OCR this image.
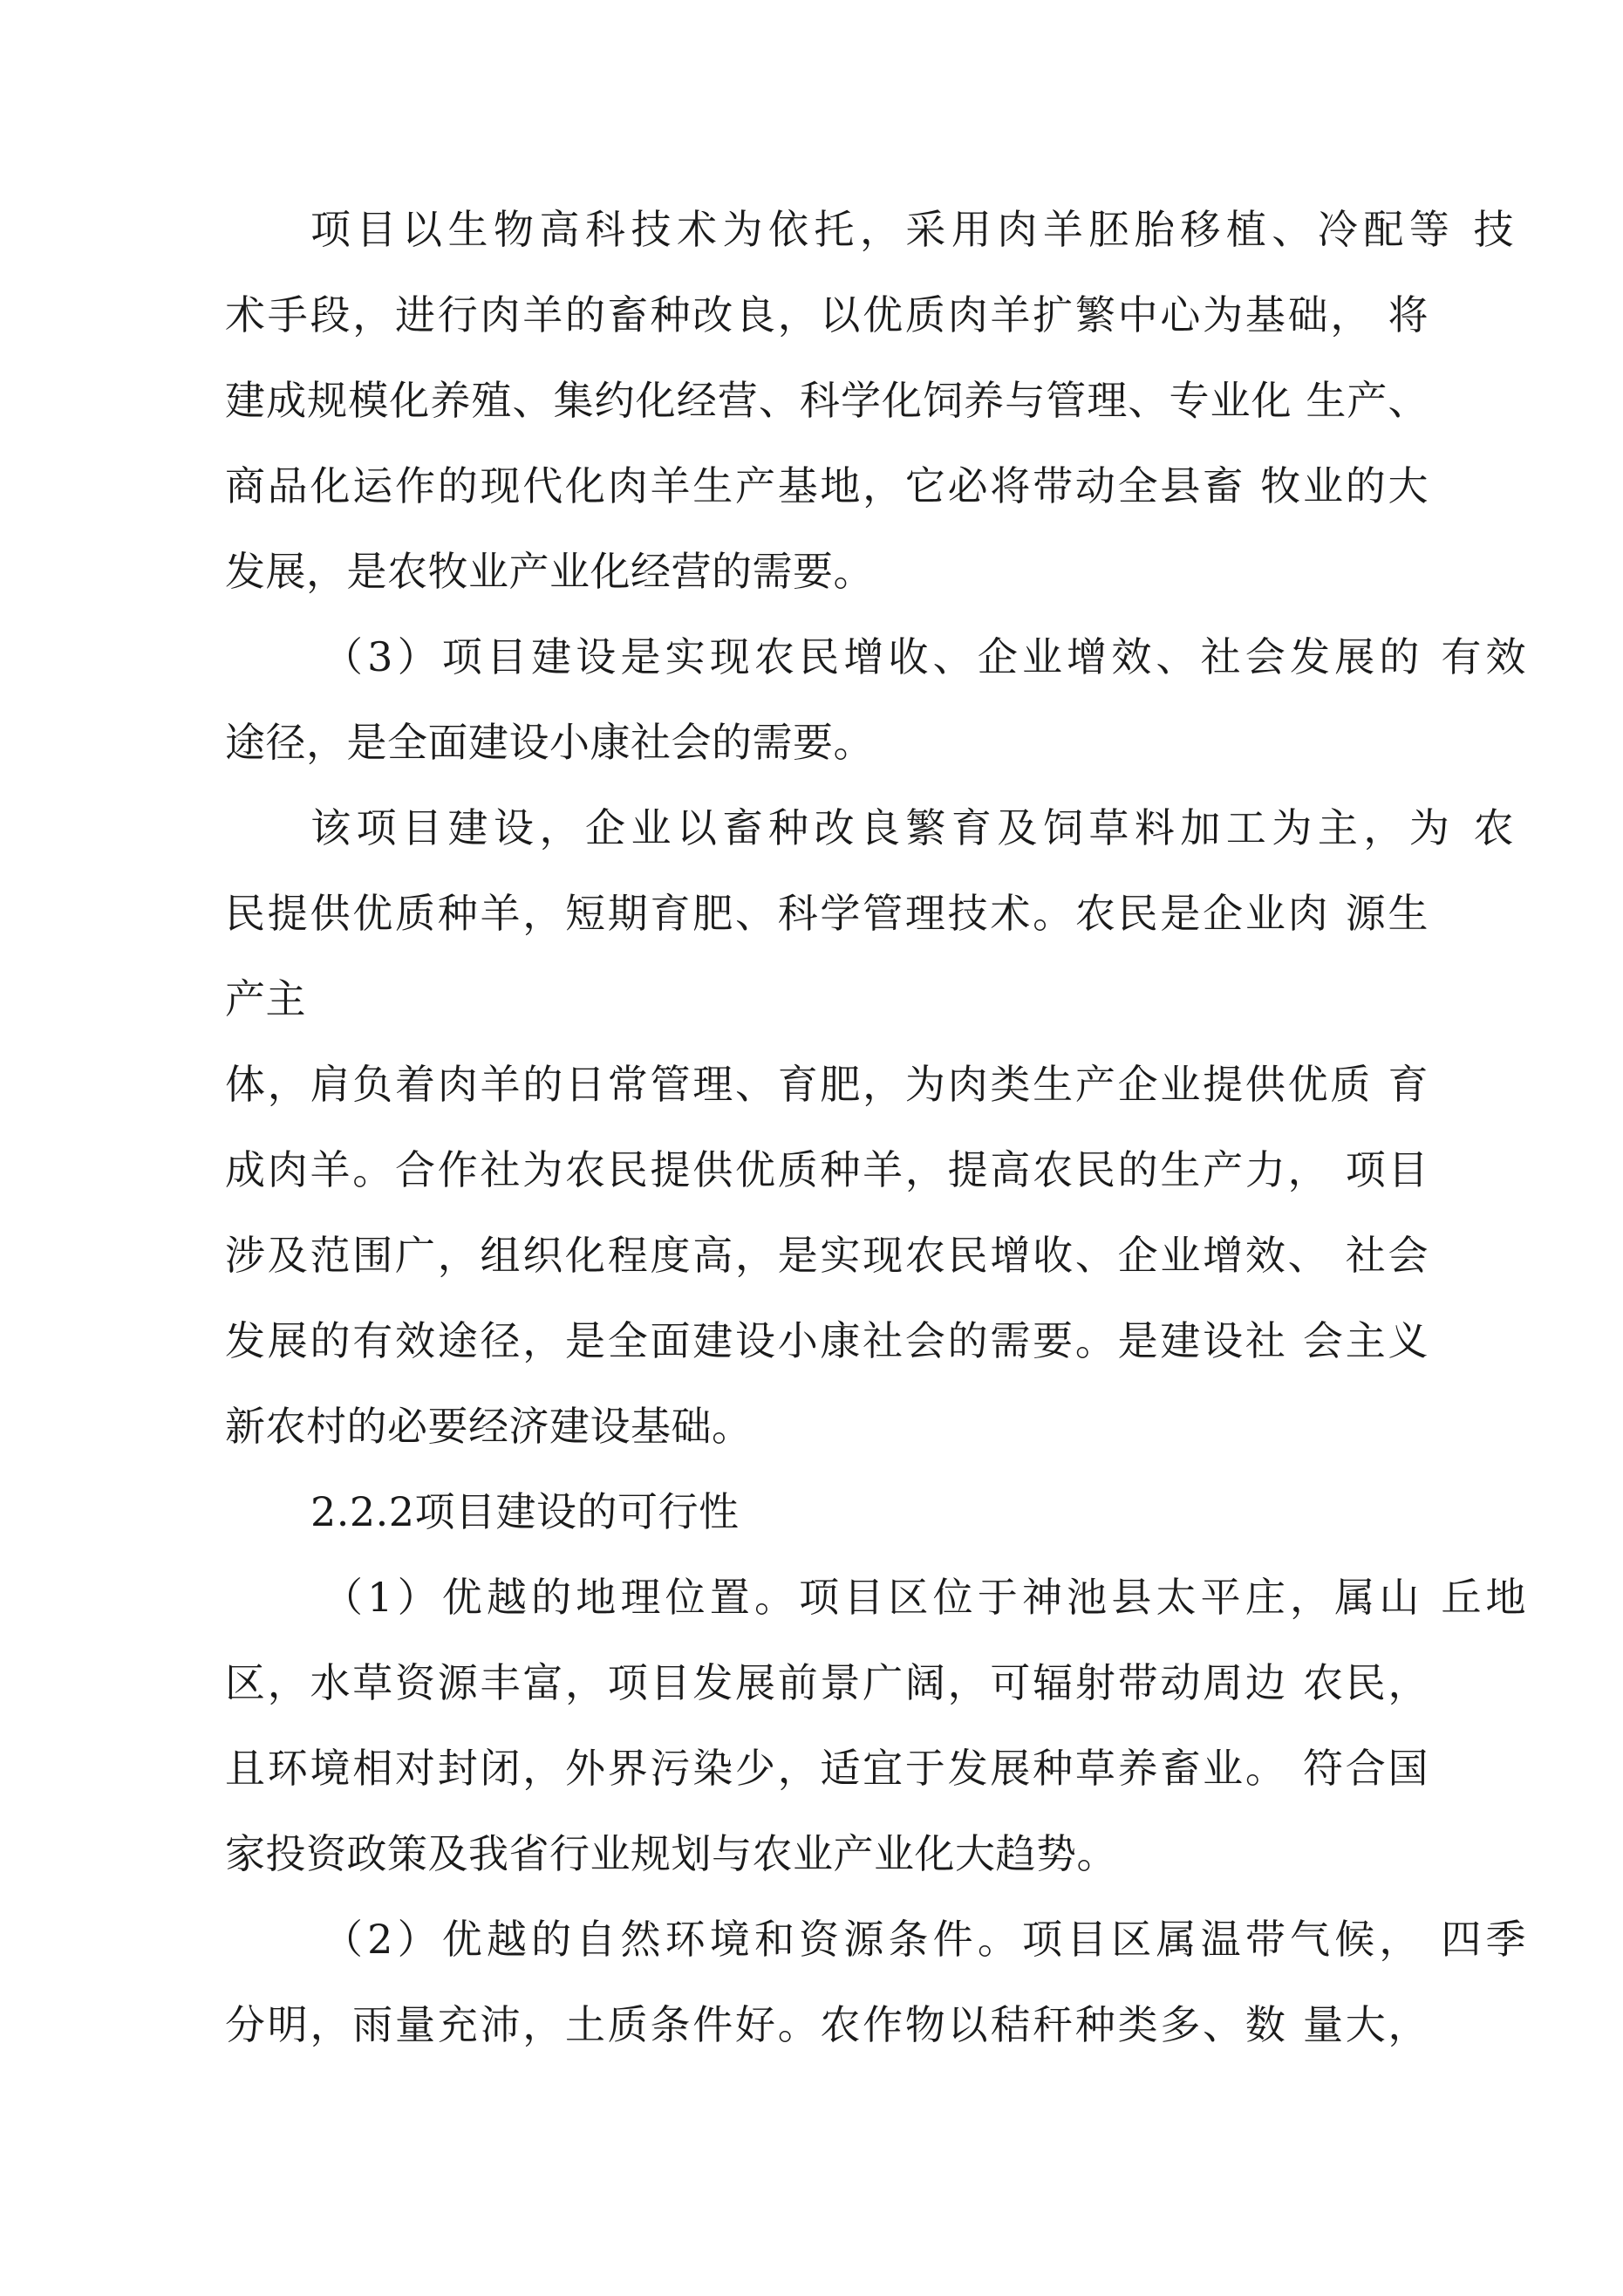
项目以生物高科技术为依托，采用肉羊胚胎移植、冷配等 技
术手段，进行肉羊的畜种改良，以优质肉羊扩繁中心为基础， 将
建成规模化养殖、集约化经营、科学化饲养与管理、专业化 生产、
商品化运作的现代化肉羊生产基地，它必将带动全县畜 牧业的大
发展，是农牧业产业化经营的需要。
（3）项目建设是实现农民增收、企业增效、社会发展的 有效
途径，是全面建设小康社会的需要。
该项目建设，企业以畜种改良繁育及饲草料加工为主，为 农
民提供优质种羊，短期育肥、科学管理技术。农民是企业肉 源生
产主
体，肩负着肉羊的日常管理、育肥，为肉类生产企业提供优质 育
成肉羊。合作社为农民提供优质种羊，提高农民的生产力， 项目
涉及范围广，组织化程度高，是实现农民增收、企业增效、 社会
发展的有效途径，是全面建设小康社会的需要。是建设社 会主义
新农村的必要经济建设基础。
2.2.2项目建设的可行性
（1）优越的地理位置。项目区位于神池县太平庄，属山 丘地
区，水草资源丰富，项目发展前景广阔，可辐射带动周边 农民，
且环境相对封闭，外界污染少，适宜于发展种草养畜业。 符合国
家投资政策及我省行业规划与农业产业化大趋势。
（2）优越的自然环境和资源条件。项目区属温带气候， 四季
分明，雨量充沛，土质条件好。农作物以秸秆种类多、数 量大，
